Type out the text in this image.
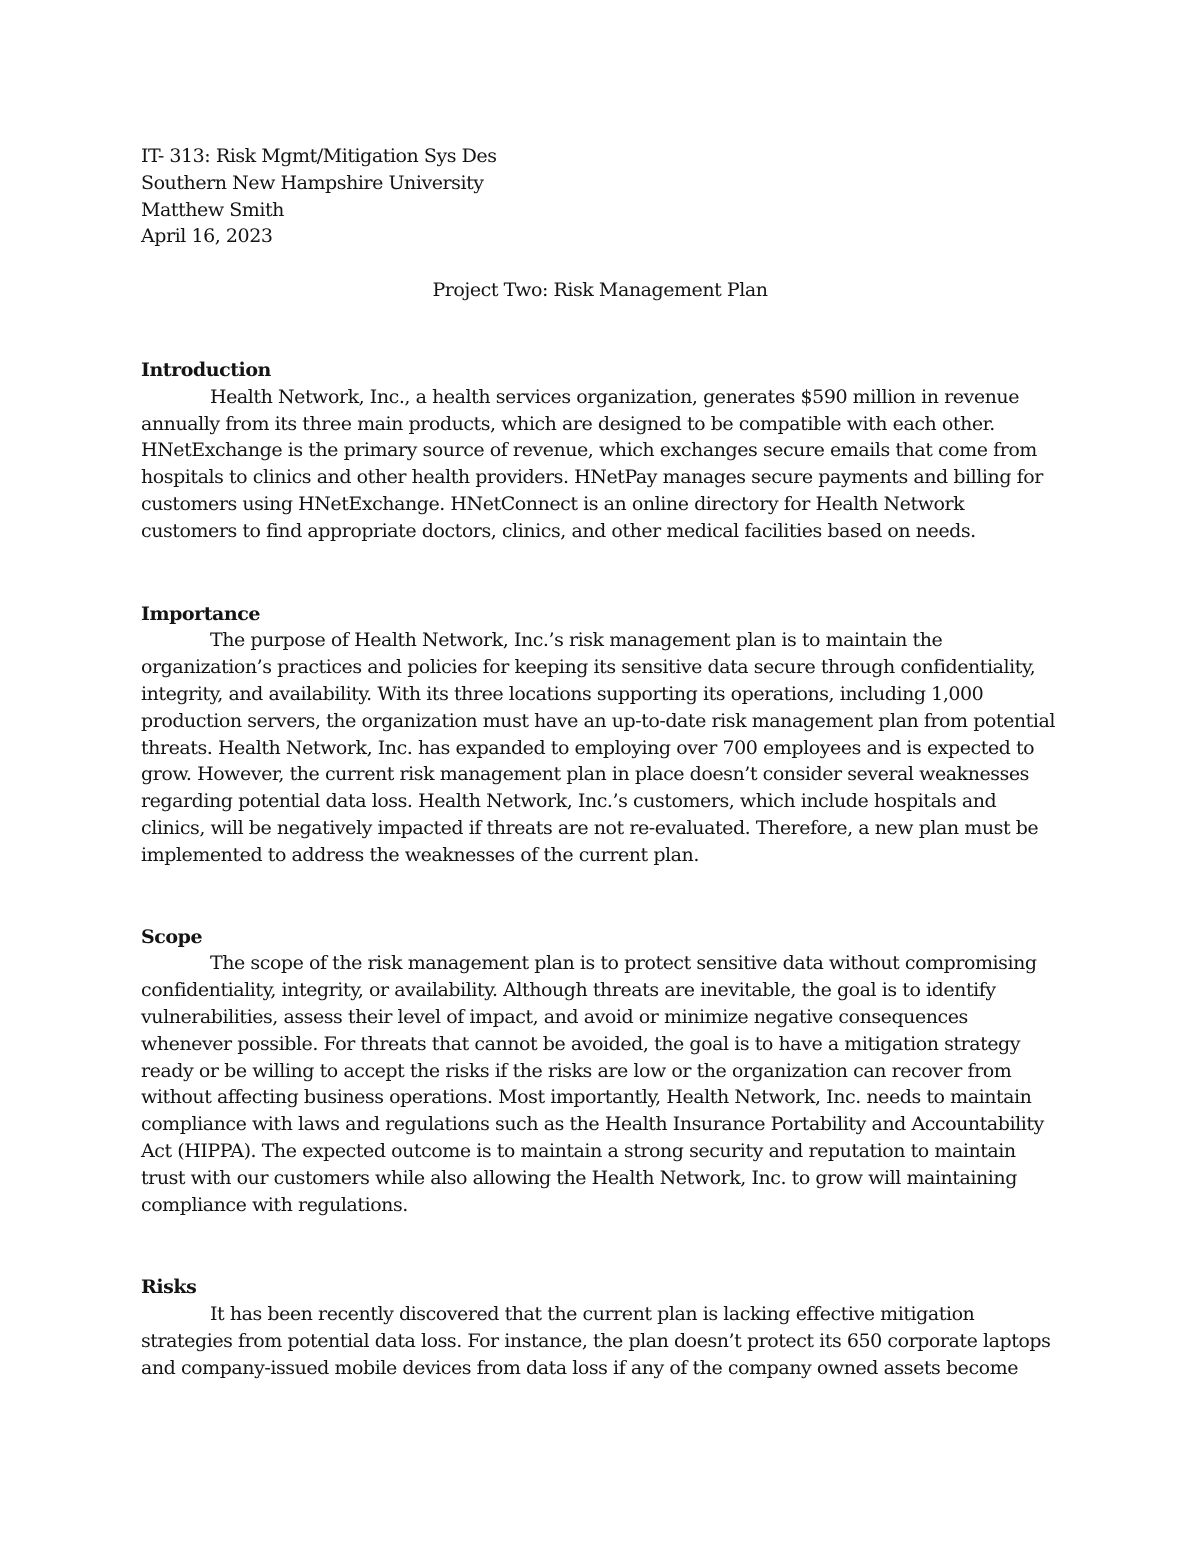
IT- 313: Risk Mgmt/Mitigation Sys Des
Southern New Hampshire University
Matthew Smith
April 16, 2023
Project Two: Risk Management Plan
Introduction

Health Network, Inc., a health services organization, generates $590 million in revenue annually from its three main products, which are designed to be compatible with each other. HNetExchange is the primary source of revenue, which exchanges secure emails that come from hospitals to clinics and other health providers. HNetPay manages secure payments and billing for customers using HNetExchange. HNetConnect is an online directory for Health Network customers to find appropriate doctors, clinics, and other medical facilities based on needs.

Importance

The purpose of Health Network, Inc.’s risk management plan is to maintain the organization’s practices and policies for keeping its sensitive data secure through confidentiality, integrity, and availability. With its three locations supporting its operations, including 1,000 production servers, the organization must have an up-to-date risk management plan from potential threats. Health Network, Inc. has expanded to employing over 700 employees and is expected to grow. However, the current risk management plan in place doesn’t consider several weaknesses regarding potential data loss. Health Network, Inc.’s customers, which include hospitals and clinics, will be negatively impacted if threats are not re-evaluated. Therefore, a new plan must be implemented to address the weaknesses of the current plan.

Scope

The scope of the risk management plan is to protect sensitive data without compromising confidentiality, integrity, or availability. Although threats are inevitable, the goal is to identify vulnerabilities, assess their level of impact, and avoid or minimize negative consequences whenever possible. For threats that cannot be avoided, the goal is to have a mitigation strategy ready or be willing to accept the risks if the risks are low or the organization can recover from without affecting business operations. Most importantly, Health Network, Inc. needs to maintain compliance with laws and regulations such as the Health Insurance Portability and Accountability Act (HIPPA). The expected outcome is to maintain a strong security and reputation to maintain trust with our customers while also allowing the Health Network, Inc. to grow will maintaining compliance with regulations.

Risks

It has been recently discovered that the current plan is lacking effective mitigation strategies from potential data loss. For instance, the plan doesn’t protect its 650 corporate laptops and company-issued mobile devices from data loss if any of the company owned assets become
